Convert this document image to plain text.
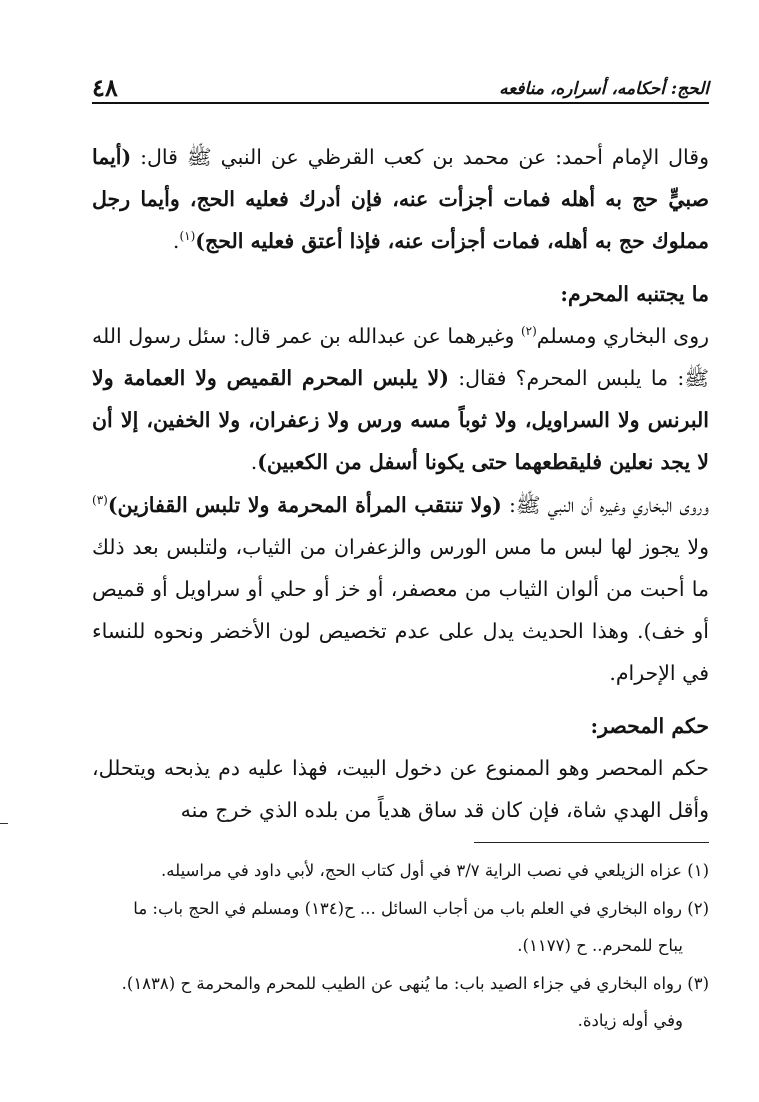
٤٨	الحج: أحكامه، أسراره، منافعه

وقال الإمام أحمد: عن محمد بن كعب القرظي عن النبي ﷺ قال: (أيما صبيٍّ حج به أهله فمات أجزأت عنه، فإن أدرك فعليه الحج، وأيما رجل مملوك حج به أهله، فمات أجزأت عنه، فإذا أعتق فعليه الحج)$^{(١)}$.

ما يجتنبه المحرم:

روى البخاري ومسلم$^{(٢)}$ وغيرهما عن عبدالله بن عمر قال: سئل رسول الله ﷺ: ما يلبس المحرم؟ فقال: (لا يلبس المحرم القميص ولا العمامة ولا البرنس ولا السراويل، ولا ثوباً مسه ورس ولا زعفران، ولا الخفين، إلا أن لا يجد نعلين فليقطعهما حتى يكونا أسفل من الكعبين).

وروى البخاري وغيره أن النبي ﷺ: (ولا تنتقب المرأة المحرمة ولا تلبس القفازين)$^{(٣)}$ ولا يجوز لها لبس ما مس الورس والزعفران من الثياب، ولتلبس بعد ذلك ما أحبت من ألوان الثياب من معصفر، أو خز أو حلي أو سراويل أو قميص أو خف). وهذا الحديث يدل على عدم تخصيص لون الأخضر ونحوه للنساء في الإحرام.

حكم المحصر:

حكم المحصر وهو الممنوع عن دخول البيت، فهذا عليه دم يذبحه ويتحلل، وأقل الهدي شاة، فإن كان قد ساق هدياً من بلده الذي خرج منه

(١) عزاه الزيلعي في نصب الراية ٣/٧ في أول كتاب الحج، لأبي داود في مراسيله.

(٢) رواه البخاري في العلم باب من أجاب السائل ... ح(١٣٤) ومسلم في الحج باب: ما

يباح للمحرم.. ح (١١٧٧).

(٣) رواه البخاري في جزاء الصيد باب: ما يُنهى عن الطيب للمحرم والمحرمة ح (١٨٣٨).

وفي أوله زيادة.
